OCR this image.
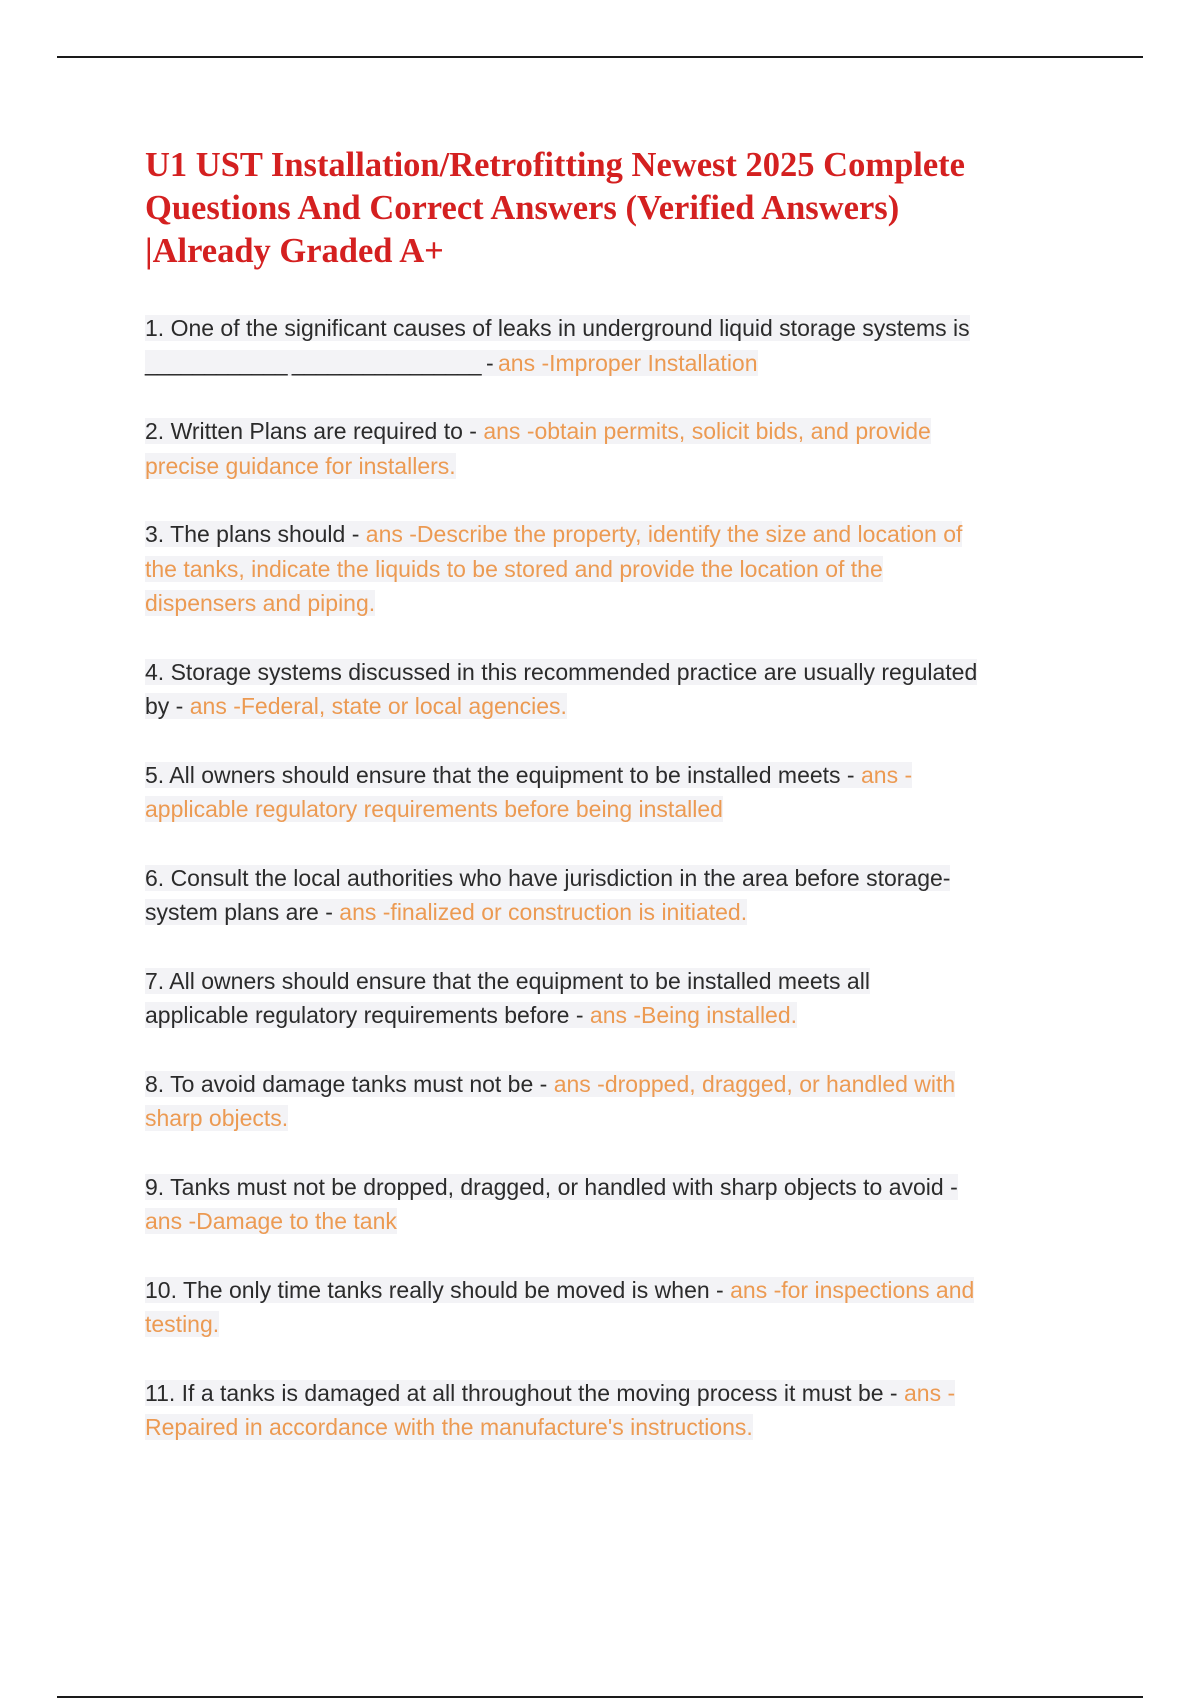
U1 UST Installation/Retrofitting Newest 2025 Complete
Questions And Correct Answers (Verified Answers)
|Already Graded A+
1. One of the significant causes of leaks in underground liquid storage systems is
____________ ________________ - ans -Improper Installation
2. Written Plans are required to - ans -obtain permits, solicit bids, and provide
precise guidance for installers.
3. The plans should - ans -Describe the property, identify the size and location of
the tanks, indicate the liquids to be stored and provide the location of the
dispensers and piping.
4. Storage systems discussed in this recommended practice are usually regulated
by - ans -Federal, state or local agencies.
5. All owners should ensure that the equipment to be installed meets - ans -
applicable regulatory requirements before being installed
6. Consult the local authorities who have jurisdiction in the area before storage-
system plans are - ans -finalized or construction is initiated.
7. All owners should ensure that the equipment to be installed meets all
applicable regulatory requirements before - ans -Being installed.
8. To avoid damage tanks must not be - ans -dropped, dragged, or handled with
sharp objects.
9. Tanks must not be dropped, dragged, or handled with sharp objects to avoid -
ans -Damage to the tank
10. The only time tanks really should be moved is when - ans -for inspections and
testing.
11. If a tanks is damaged at all throughout the moving process it must be - ans -
Repaired in accordance with the manufacture's instructions.
